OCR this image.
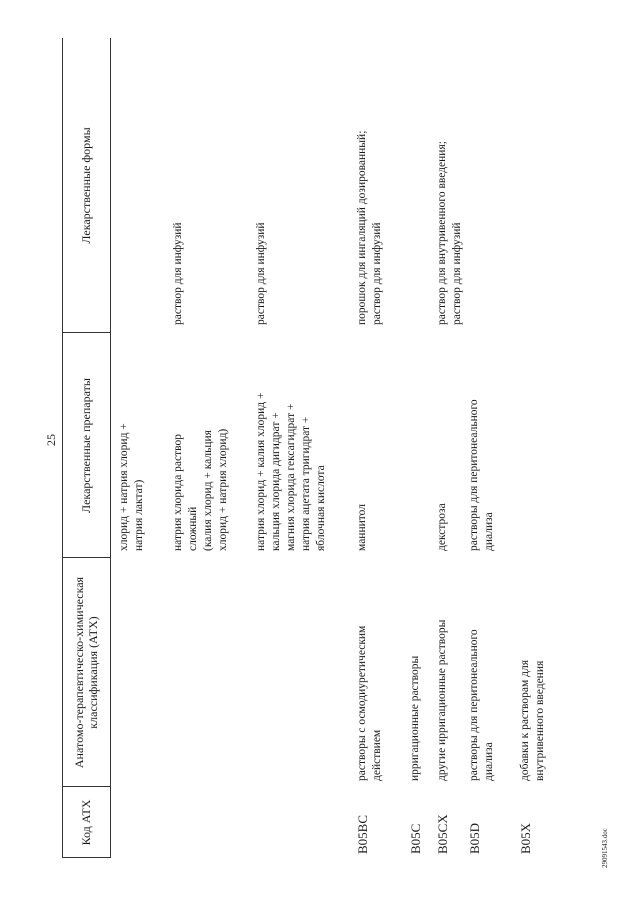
25
2909154З.doc
Код АТХ
Анатомо-терапевтическо-химическая классификация (АТХ)
Лекарственные препараты
Лекарственные формы
хлорид + натрия хлорид + натрия лактат) натрия хлорида раствор сложный (калия хлорид + кальция хлорид + натрия хлорид)
раствор для инфузий
натрия хлорид + калия хлорид + кальция хлорида дигидрат + магния хлорида гексагидрат + натрия ацетата тригидрат + яблочная кислота
раствор для инфузий
B05BC
растворы с осмодиуретическим действием
маннитол
порошок для ингаляций дозированный; раствор для инфузий
B05C
ирригационные растворы
B05CX
другие ирригационные растворы
декстроза
раствор для внутривенного введения; раствор для инфузий
B05D
растворы для перитонеального диализа
растворы для перитонеального диализа
B05X
добавки к растворам для внутривенного введения
